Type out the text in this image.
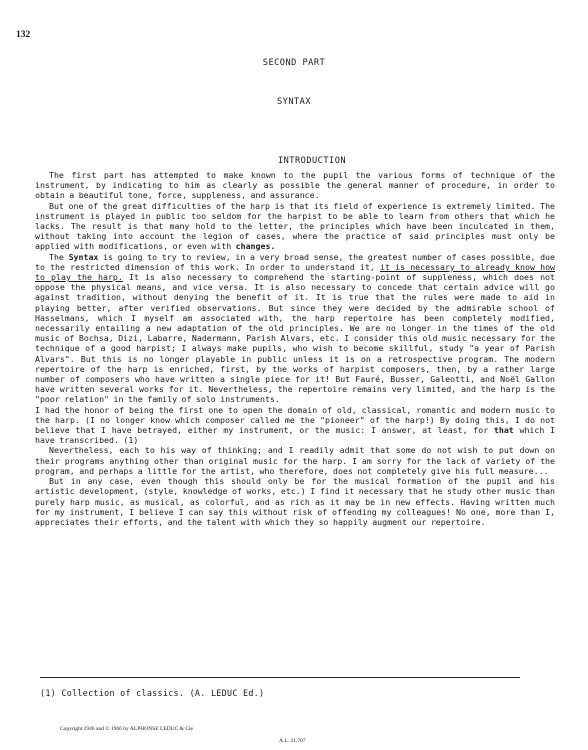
132
SECOND PART
SYNTAX
INTRODUCTION

The first part has attempted to make known to the pupil the various forms of technique of the instrument, by indicating to him as clearly as possible the general manner of procedure, in order to obtain a beautiful tone, force, suppleness, and assurance.

But one of the great difficulties of the harp is that its field of experience is extremely limited. The instrument is played in public too seldom for the harpist to be able to learn from others that which he lacks. The result is that many hold to the letter, the principles which have been inculcated in them, without taking into account the legion of cases, where the practice of said principles must only be applied with modifications, or even with changes.

The Syntax is going to try to review, in a very broad sense, the greatest number of cases possible, due to the restricted dimension of this work. In order to understand it, it is necessary to already know how to play the harp. It is also necessary to comprehend the starting-point of suppleness, which does not oppose the physical means, and vice versa. It is also necessary to concede that certain advice will go against tradition, without denying the benefit of it. It is true that the rules were made to aid in playing better, after verified observations. But since they were decided by the admirable school of Hasselmans, which I myself am associated with, the harp repertoire has been completely modified, necessarily entailing a new adaptation of the old principles. We are no longer in the times of the old music of Bochsa, Dizi, Labarre, Nadermann, Parish Alvars, etc. I consider this old music necessary for the technique of a good harpist; I always make pupils, who wish to become skillful, study "a year of Parish Alvars". But this is no longer playable in public unless it is on a retrospective program. The modern repertoire of the harp is enriched, first, by the works of harpist composers, then, by a rather large number of composers who have written a single piece for it! But Fauré, Busser, Galeotti, and Noël Gallon have written several works for it. Nevertheless, the repertoire remains very limited, and the harp is the "poor relation" in the family of solo instruments.

I had the honor of being the first one to open the domain of old, classical, romantic and modern music to the harp. (I no longer know which composer called me the "pioneer" of the harp!) By doing this, I do not believe that I have betrayed, either my instrument, or the music: I answer, at least, for that which I have transcribed. (1)

Nevertheless, each to his way of thinking; and I readily admit that some do not wish to put down on their programs anything other than original music for the harp. I am sorry for the lack of variety of the program, and perhaps a little for the artist, who therefore, does not completely give his full measure...

But in any case, even though this should only be for the musical formation of the pupil and his artistic development, (style, knowledge of works, etc.) I find it necessary that he study other music than purely harp music, as musical, as colorful, and as rich as it may be in new effects. Having written much for my instrument, I believe I can say this without risk of offending my colleagues! No one, more than I, appreciates their efforts, and the talent with which they so happily augment our repertoire.

(1) Collection of classics. (A. LEDUC Ed.)
Copyright 1946 and © 1966 by ALPHONSE LEDUC & Cie
A.L. 21.707
